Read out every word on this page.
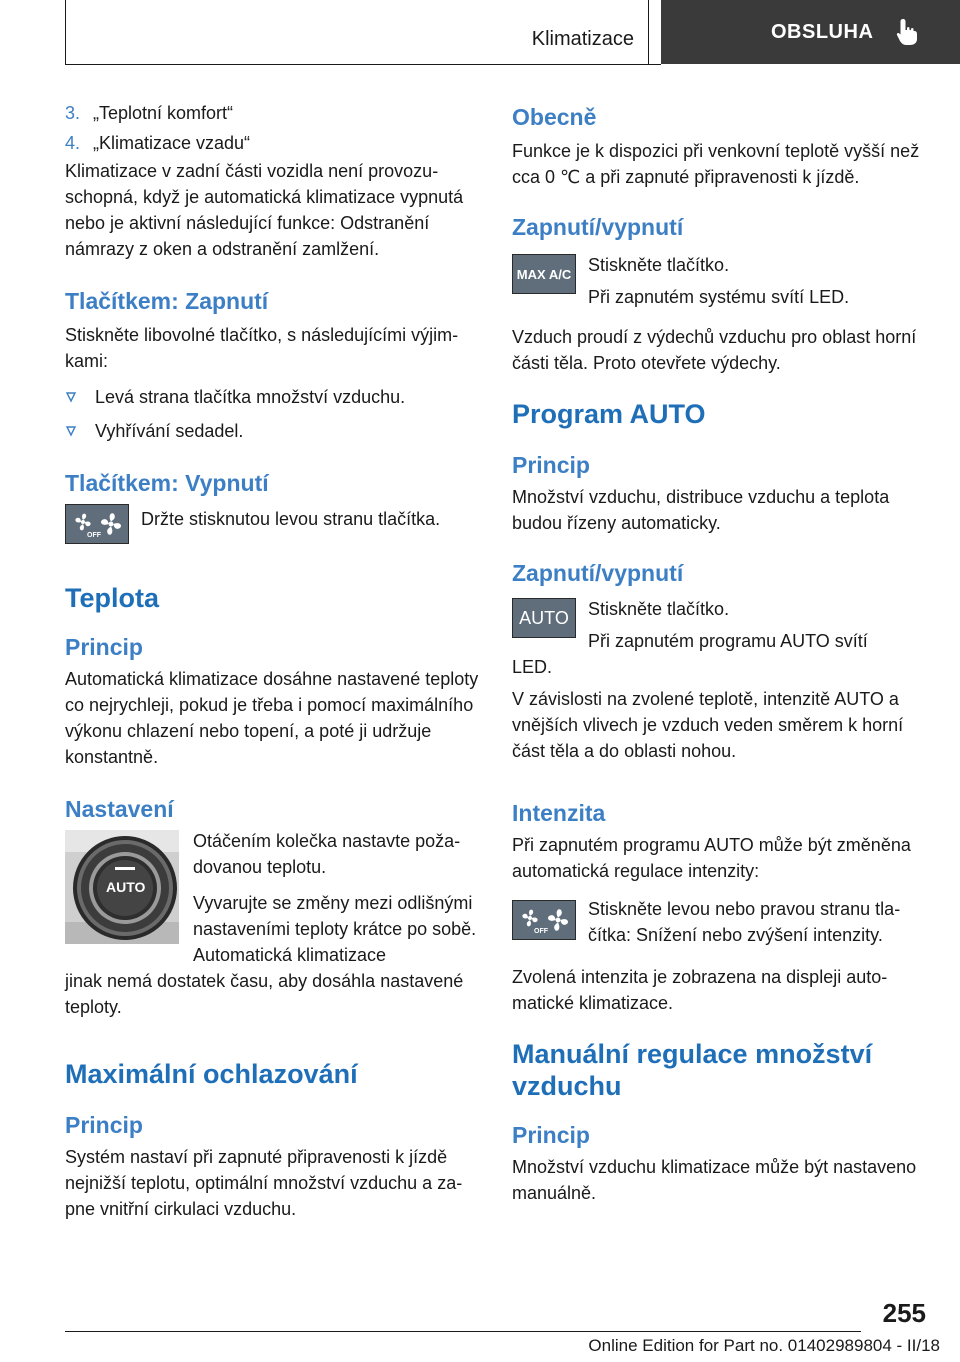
Klimatizace	OBSLUHA
3. „Teplotní komfort“
4. „Klimatizace vzadu“

Klimatizace v zadní části vozidla není provozuschopná, když je automatická klimatizace vypnutá nebo je aktivní následující funkce: Odstranění námrazy z oken a odstranění zamlžení.

Tlačítkem: Zapnutí

Stiskněte libovolné tlačítko, s následujícími výjimkami:

Levá strana tlačítka množství vzduchu.
Vyhřívání sedadel.
Tlačítkem: Vypnutí
OFF
Držte stisknutou levou stranu tlačítka.
Teplota
Princip

Automatická klimatizace dosáhne nastavené teploty co nejrychleji, pokud je třeba i pomocí maximálního výkonu chlazení nebo topení, a poté ji udržuje konstantně.

Nastavení
AUTO

Otáčením kolečka nastavte požadovanou teplotu.

Vyvarujte se změny mezi odlišnými nastaveními teploty krátce po sobě. Automatická klimatizace

jinak nemá dostatek času, aby dosáhla nastavené teploty.

Maximální ochlazování
Princip

Systém nastaví při zapnuté připravenosti k jízdě nejnižší teplotu, optimální množství vzduchu a zapne vnitřní cirkulaci vzduchu.

Obecně

Funkce je k dispozici při venkovní teplotě vyšší než cca 0 ℃ a při zapnuté připravenosti k jízdě.

Zapnutí/vypnutí
MAX A/C Stiskněte tlačítko.

Při zapnutém systému svítí LED.

Vzduch proudí z výdechů vzduchu pro oblast horní části těla. Proto otevřete výdechy.

Program AUTO
Princip

Množství vzduchu, distribuce vzduchu a teplota budou řízeny automaticky.

Zapnutí/vypnutí
AUTO Stiskněte tlačítko.

Při zapnutém programu AUTO svítí

LED.

V závislosti na zvolené teplotě, intenzitě AUTO a vnějších vlivech je vzduch veden směrem k horní část těla a do oblasti nohou.

Intenzita

Při zapnutém programu AUTO může být změněna automatická regulace intenzity:

OFF
Stiskněte levou nebo pravou stranu tlačítka: Snížení nebo zvýšení intenzity.

Zvolená intenzita je zobrazena na displeji automatické klimatizace.

Manuální regulace množství vzduchu
Princip

Množství vzduchu klimatizace může být nastaveno manuálně.

255
Online Edition for Part no. 01402989804 - II/18
